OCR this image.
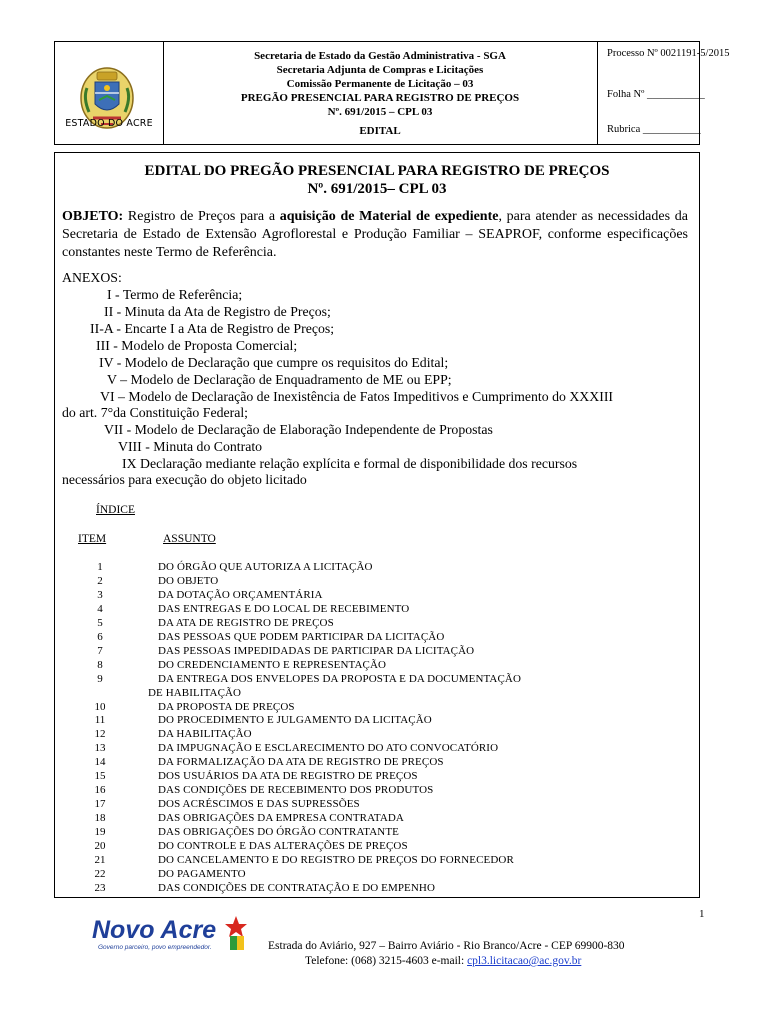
ESTADO DO ACRE
Secretaria de Estado da Gestão Administrativa - SGA
Secretaria Adjunta de Compras e Licitações
Comissão Permanente de Licitação – 03
PREGÃO PRESENCIAL PARA REGISTRO DE PREÇOS
Nº. 691/2015 – CPL 03
EDITAL
Processo Nº 0021191-5/2015
Folha Nº ___________
Rubrica ___________
EDITAL DO PREGÃO PRESENCIAL PARA REGISTRO DE PREÇOS
Nº. 691/2015– CPL 03
OBJETO: Registro de Preços para a aquisição de Material de expediente, para atender as necessidades da Secretaria de Estado de Extensão Agroflorestal e Produção Familiar – SEAPROF, conforme especificações constantes neste Termo de Referência.
ANEXOS:
I - Termo de Referência;
II - Minuta da Ata de Registro de Preços;
II-A - Encarte I a Ata de Registro de Preços;
III - Modelo de Proposta Comercial;
IV - Modelo de Declaração que cumpre os requisitos do Edital;
V – Modelo de Declaração de Enquadramento de ME ou EPP;
VI – Modelo de Declaração de Inexistência de Fatos Impeditivos e Cumprimento do XXXIII
do art. 7°da Constituição Federal;
VII - Modelo de Declaração de Elaboração Independente de Propostas
VIII - Minuta do Contrato
IX Declaração mediante relação explícita e formal de disponibilidade dos recursos
necessários para execução do objeto licitado
ÍNDICE
ITEM	ASSUNTO
1	DO ÓRGÃO QUE AUTORIZA A LICITAÇÃO
2	DO OBJETO
3	DA DOTAÇÃO ORÇAMENTÁRIA
4	DAS ENTREGAS E DO LOCAL DE RECEBIMENTO
5	DA ATA DE REGISTRO DE PREÇOS
6	DAS PESSOAS QUE PODEM PARTICIPAR DA LICITAÇÃO
7	DAS PESSOAS IMPEDIDADAS DE PARTICIPAR DA LICITAÇÃO
8	DO CREDENCIAMENTO E REPRESENTAÇÃO
9	DA ENTREGA DOS ENVELOPES DA PROPOSTA E DA DOCUMENTAÇÃO
DE HABILITAÇÃO
10	DA PROPOSTA DE PREÇOS
11	DO PROCEDIMENTO E JULGAMENTO DA LICITAÇÃO
12	DA HABILITAÇÃO
13	DA IMPUGNAÇÃO E ESCLARECIMENTO DO ATO CONVOCATÓRIO
14	DA FORMALIZAÇÃO DA ATA DE REGISTRO DE PREÇOS
15	DOS USUÁRIOS DA ATA DE REGISTRO DE PREÇOS
16	DAS CONDIÇÕES DE RECEBIMENTO DOS PRODUTOS
17	DOS ACRÉSCIMOS E DAS SUPRESSÕES
18	DAS OBRIGAÇÕES DA EMPRESA CONTRATADA
19	DAS OBRIGAÇÕES DO ÓRGÃO CONTRATANTE
20	DO CONTROLE E DAS ALTERAÇÕES DE PREÇOS
21	DO CANCELAMENTO E DO REGISTRO DE PREÇOS DO FORNECEDOR
22	DO PAGAMENTO
23	DAS CONDIÇÕES DE CONTRATAÇÃO E DO EMPENHO
1
Novo Acre
Governo parceiro, povo empreendedor.	Estrada do Aviário, 927 – Bairro Aviário - Rio Branco/Acre - CEP 69900-830
Telefone: (068) 3215-4603 e-mail: cpl3.licitacao@ac.gov.br
